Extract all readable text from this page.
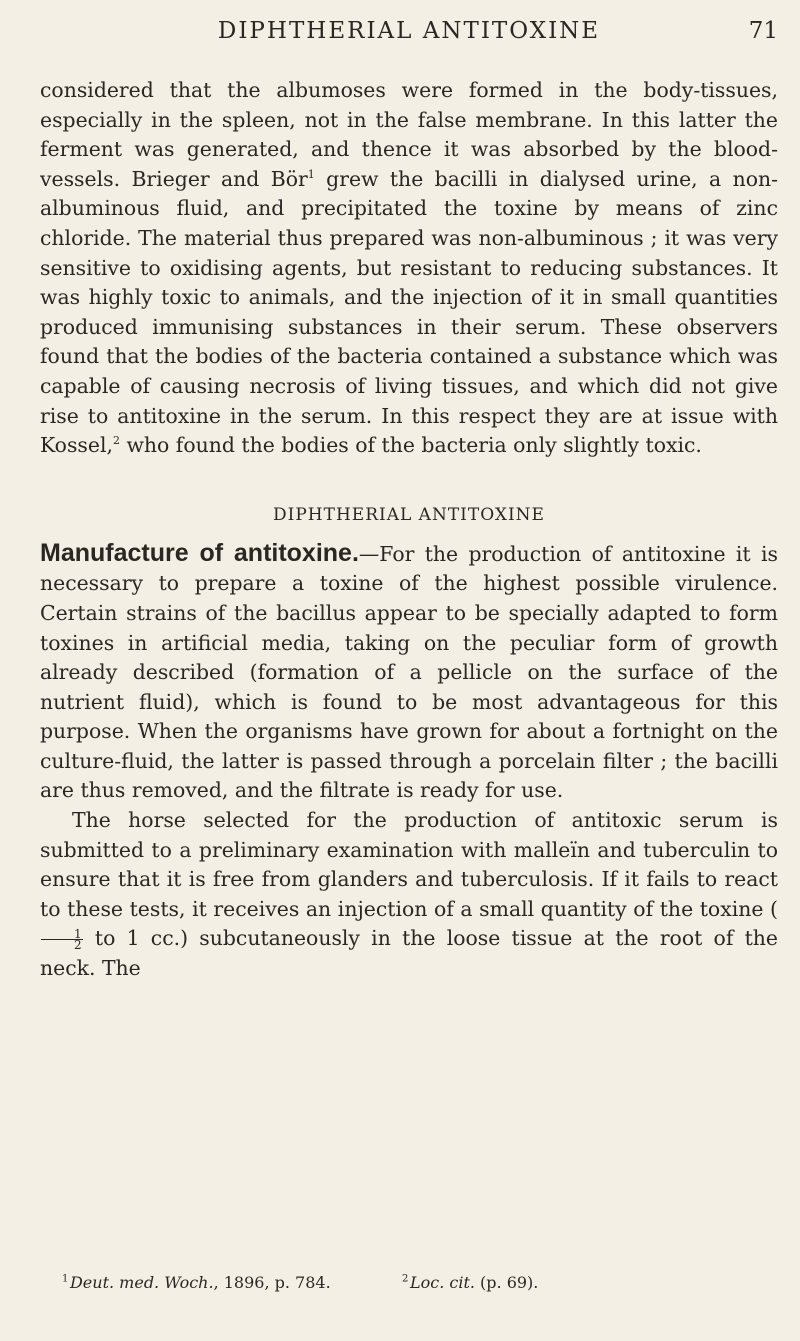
DIPHTHERIAL ANTITOXINE	71

considered that the albumoses were formed in the body-tissues, especially in the spleen, not in the false membrane. In this latter the ferment was generated, and thence it was absorbed by the blood-vessels. Brieger and Bör$^1$ grew the bacilli in dialysed urine, a non-albuminous fluid, and precipitated the toxine by means of zinc chloride. The material thus prepared was non-albuminous ; it was very sensitive to oxidising agents, but resistant to reducing substances. It was highly toxic to animals, and the injection of it in small quantities produced immunising substances in their serum. These observers found that the bodies of the bacteria contained a substance which was capable of causing necrosis of living tissues, and which did not give rise to antitoxine in the serum. In this respect they are at issue with Kossel,$^2$ who found the bodies of the bacteria only slightly toxic.

DIPHTHERIAL ANTITOXINE

Manufacture of antitoxine.—For the production of antitoxine it is necessary to prepare a toxine of the highest possible virulence. Certain strains of the bacillus appear to be specially adapted to form toxines in artificial media, taking on the peculiar form of growth already described (formation of a pellicle on the surface of the nutrient fluid), which is found to be most advantageous for this purpose. When the organisms have grown for about a fortnight on the culture-fluid, the latter is passed through a porcelain filter ; the bacilli are thus removed, and the filtrate is ready for use.

The horse selected for the production of antitoxic serum is submitted to a preliminary examination with malleïn and tuberculin to ensure that it is free from glanders and tuberculosis. If it fails to react to these tests, it receives an injection of a small quantity of the toxine (
$\frac{1}{2}$ to 1 cc.) subcutaneously in the loose tissue at the root of the neck. The

$^1$ Deut. med. Woch., 1896, p. 784.	$^2$ Loc. cit. (p. 69).
